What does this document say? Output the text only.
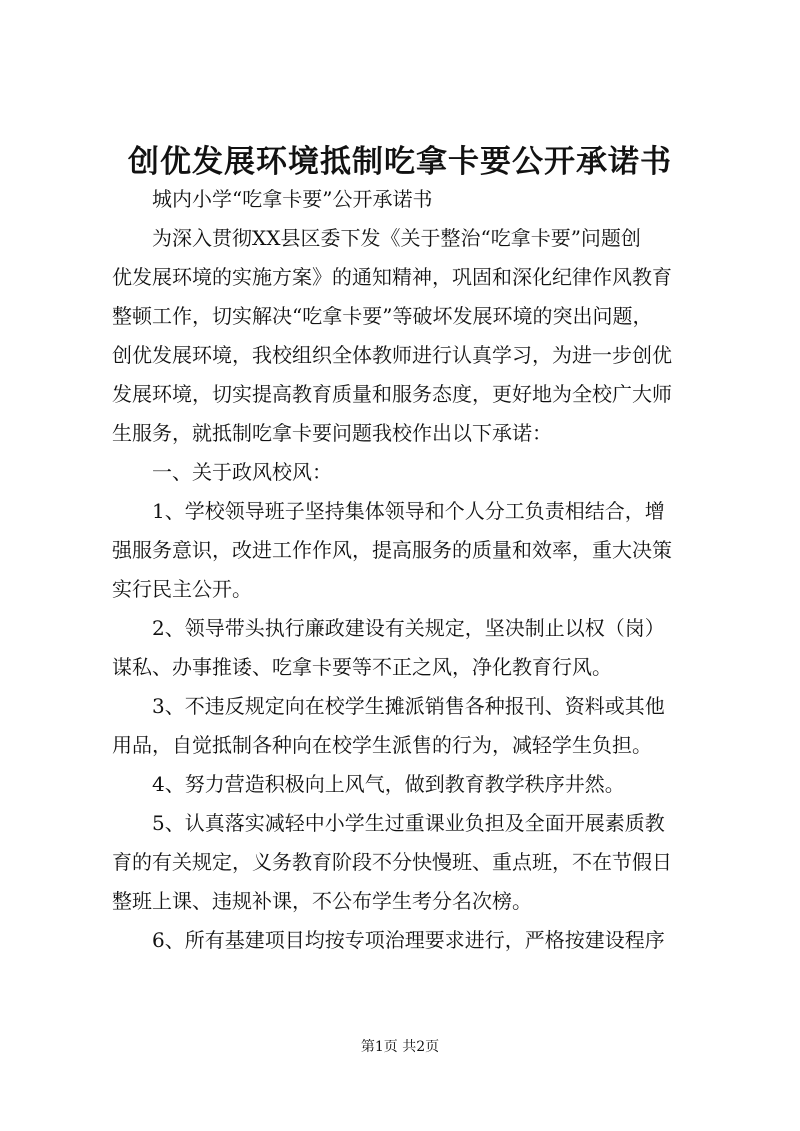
创优发展环境抵制吃拿卡要公开承诺书
城内小学“吃拿卡要”公开承诺书
为深入贯彻XX县区委下发《关于整治“吃拿卡要”问题创
优发展环境的实施方案》的通知精神，巩固和深化纪律作风教育
整顿工作，切实解决“吃拿卡要”等破坏发展环境的突出问题，
创优发展环境，我校组织全体教师进行认真学习，为进一步创优
发展环境，切实提高教育质量和服务态度，更好地为全校广大师
生服务，就抵制吃拿卡要问题我校作出以下承诺：
一、关于政风校风：
1、学校领导班子坚持集体领导和个人分工负责相结合，增
强服务意识，改进工作作风，提高服务的质量和效率，重大决策
实行民主公开。
2、领导带头执行廉政建设有关规定，坚决制止以权（岗）
谋私、办事推诿、吃拿卡要等不正之风，净化教育行风。
3、不违反规定向在校学生摊派销售各种报刊、资料或其他
用品，自觉抵制各种向在校学生派售的行为，减轻学生负担。
4、努力营造积极向上风气，做到教育教学秩序井然。
5、认真落实减轻中小学生过重课业负担及全面开展素质教
育的有关规定，义务教育阶段不分快慢班、重点班，不在节假日
整班上课、违规补课，不公布学生考分名次榜。
6、所有基建项目均按专项治理要求进行，严格按建设程序
第1页 共2页
